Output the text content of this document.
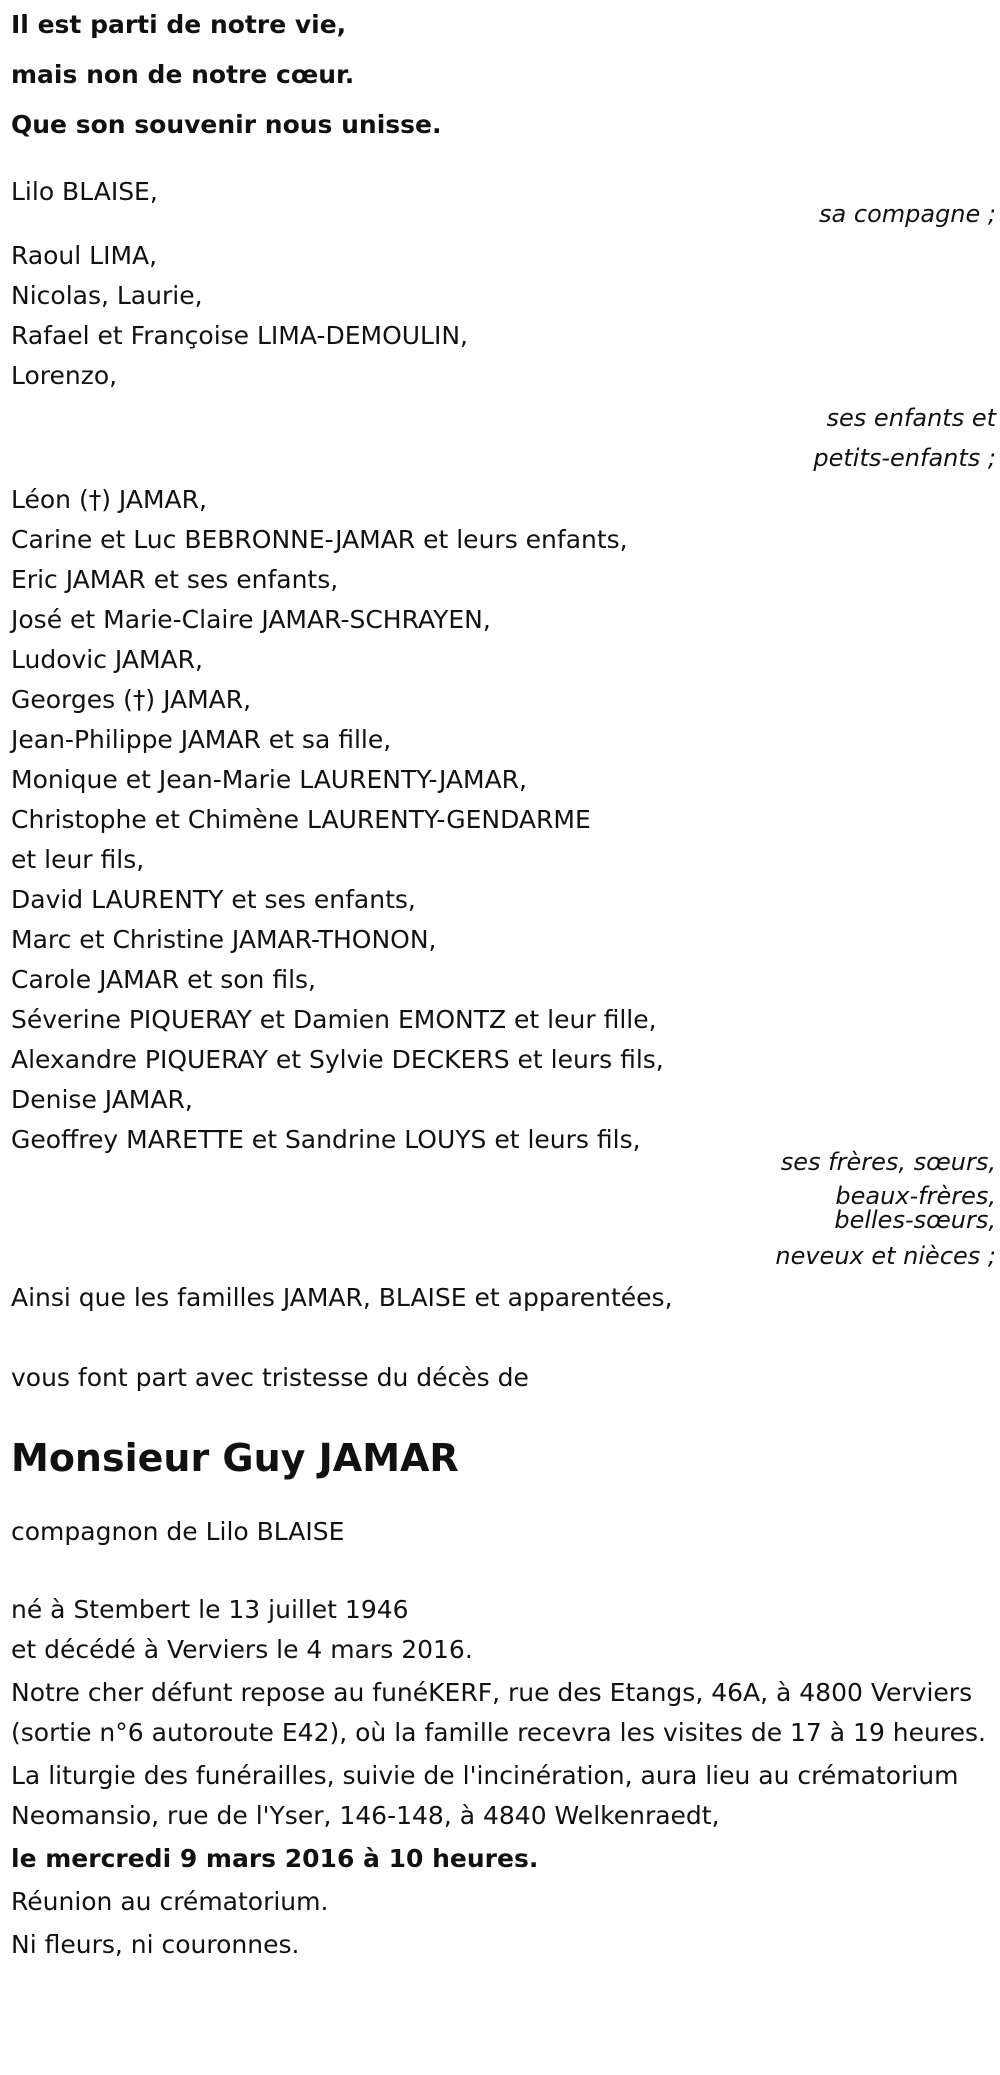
Il est parti de notre vie,
mais non de notre cœur.
Que son souvenir nous unisse.
Lilo BLAISE,
sa compagne ;
Raoul LIMA,
Nicolas, Laurie,
Rafael et Françoise LIMA-DEMOULIN,
Lorenzo,
ses enfants et
petits-enfants ;
Léon (†) JAMAR,
Carine et Luc BEBRONNE-JAMAR et leurs enfants,
Eric JAMAR et ses enfants,
José et Marie-Claire JAMAR-SCHRAYEN,
Ludovic JAMAR,
Georges (†) JAMAR,
Jean-Philippe JAMAR et sa fille,
Monique et Jean-Marie LAURENTY-JAMAR,
Christophe et Chimène LAURENTY-GENDARME
et leur fils,
David LAURENTY et ses enfants,
Marc et Christine JAMAR-THONON,
Carole JAMAR et son fils,
Séverine PIQUERAY et Damien EMONTZ et leur fille,
Alexandre PIQUERAY et Sylvie DECKERS et leurs fils,
Denise JAMAR,
Geoffrey MARETTE et Sandrine LOUYS et leurs fils,
ses frères, sœurs,
beaux-frères,
belles-sœurs,
neveux et nièces ;
Ainsi que les familles JAMAR, BLAISE et apparentées,
vous font part avec tristesse du décès de
Monsieur Guy JAMAR
compagnon de Lilo BLAISE
né à Stembert le 13 juillet 1946
et décédé à Verviers le 4 mars 2016.
Notre cher défunt repose au funéKERF, rue des Etangs, 46A, à 4800 Verviers (sortie n°6 autoroute E42), où la famille recevra les visites de 17 à 19 heures.
La liturgie des funérailles, suivie de l'incinération, aura lieu au crématorium Neomansio, rue de l'Yser, 146-148, à 4840 Welkenraedt,
le mercredi 9 mars 2016 à 10 heures.
Réunion au crématorium.
Ni fleurs, ni couronnes.
